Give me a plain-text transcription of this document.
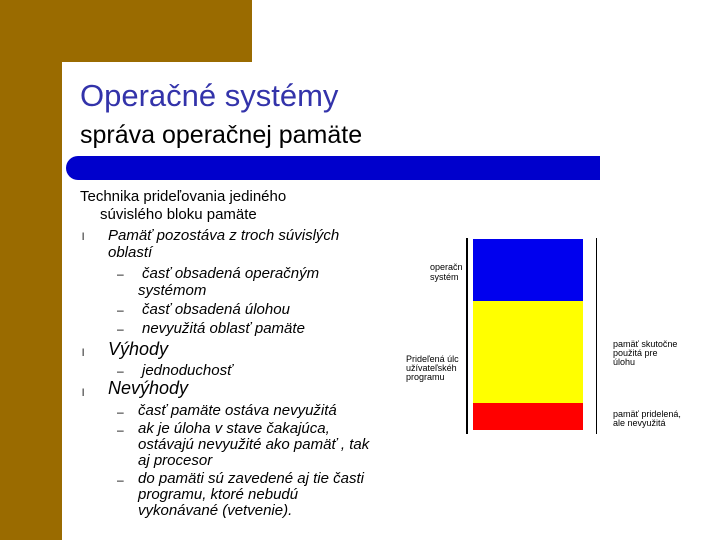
Operačné systémy
správa operačnej pamäte
Technika prideľovania jediného
súvislého bloku pamäte
l Pamäť pozostáva z troch súvislých
oblastí
– časť obsadená operačným
systémom
– časť obsadená úlohou
– nevyužitá oblasť pamäte
l Výhody
– jednoduchosť
l Nevýhody
– časť pamäte ostáva nevyužitá
– ak je úloha v stave čakajúca,
ostávajú nevyužité ako pamäť , tak
aj procesor
– do pamäti sú zavedené aj tie časti
programu, ktoré nebudú
vykonávané (vetvenie).
operačn
systém
Prideľená úlc
užívateľskéh
programu
pamäť skutočne
použitá pre
úlohu
pamäť pridelená,
ale nevyužitá
